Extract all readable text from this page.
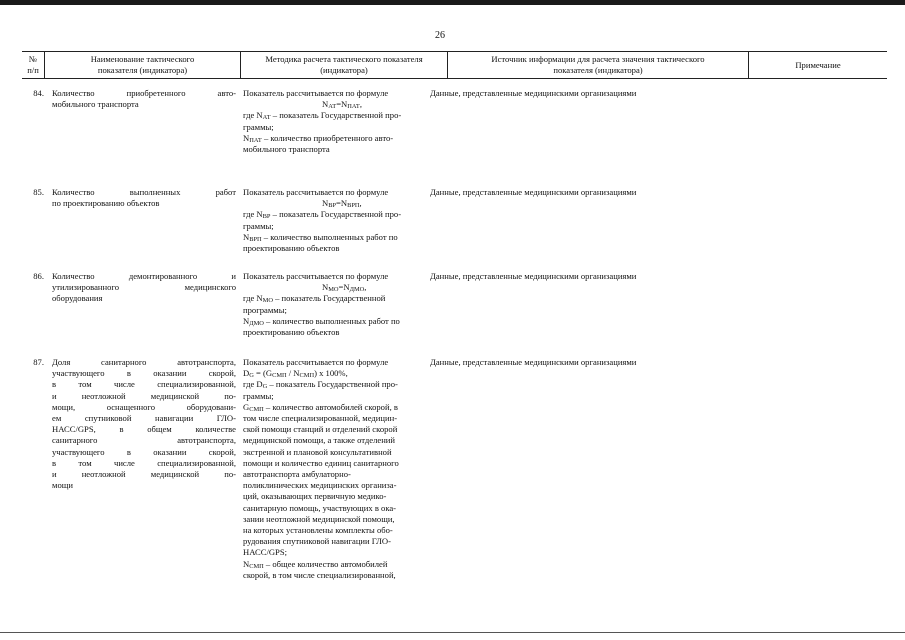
26
№
п/п
Наименование тактического
показателя (индикатора)
Методика расчета тактического показателя
(индикатора)
Источник информации для расчета значения тактического
показателя (индикатора)
Примечание
84. Количество приобретенного авто-
мобильного транспорта
Показатель рассчитывается по формуле
$N_{АТ}=N_{ПАТ}$,
где $N_{АТ}$ – показатель Государственной про-
граммы;
$N_{ПАТ}$ – количество приобретенного авто-
мобильного транспорта
Данные, представленные медицинскими организациями
85. Количество выполненных работ
по проектированию объектов
Показатель рассчитывается по формуле
$N_{ВР}=N_{ВРП}$,
где $N_{ВР}$ – показатель Государственной про-
граммы;
$N_{ВРП}$ – количество выполненных работ по
проектированию объектов
Данные, представленные медицинскими организациями
86. Количество демонтированного и
утилизированного медицинского
оборудования
Показатель рассчитывается по формуле
$N_{МО}=N_{ДМО}$,
где $N_{МО}$ – показатель Государственной
программы;
$N_{ДМО}$ – количество выполненных работ по
проектированию объектов
Данные, представленные медицинскими организациями
87. Доля санитарного автотранспорта,
участвующего в оказании скорой,
в том числе специализированной,
и неотложной медицинской по-
мощи, оснащенного оборудовани-
ем спутниковой навигации ГЛО-
НАСС/GPS, в общем количестве
санитарного автотранспорта,
участвующего в оказании скорой,
в том числе специализированной,
и неотложной медицинской по-
мощи
Показатель рассчитывается по формуле
$D_G = (G_{СМП} / N_{СМП})$ x 100%,
где $D_G$ – показатель Государственной про-
граммы;
$G_{СМП}$ – количество автомобилей скорой, в
том числе специализированной, медицин-
ской помощи станций и отделений скорой
медицинской помощи, а также отделений
экстренной и плановой консультативной
помощи и количество единиц санитарного
автотранспорта амбулаторно-
поликлинических медицинских организа-
ций, оказывающих первичную медико-
санитарную помощь, участвующих в ока-
зании неотложной медицинской помощи,
на которых установлены комплекты обо-
рудования спутниковой навигации ГЛО-
НАСС/GPS;
$N_{СМП}$ – общее количество автомобилей
скорой, в том числе специализированной,
Данные, представленные медицинскими организациями
